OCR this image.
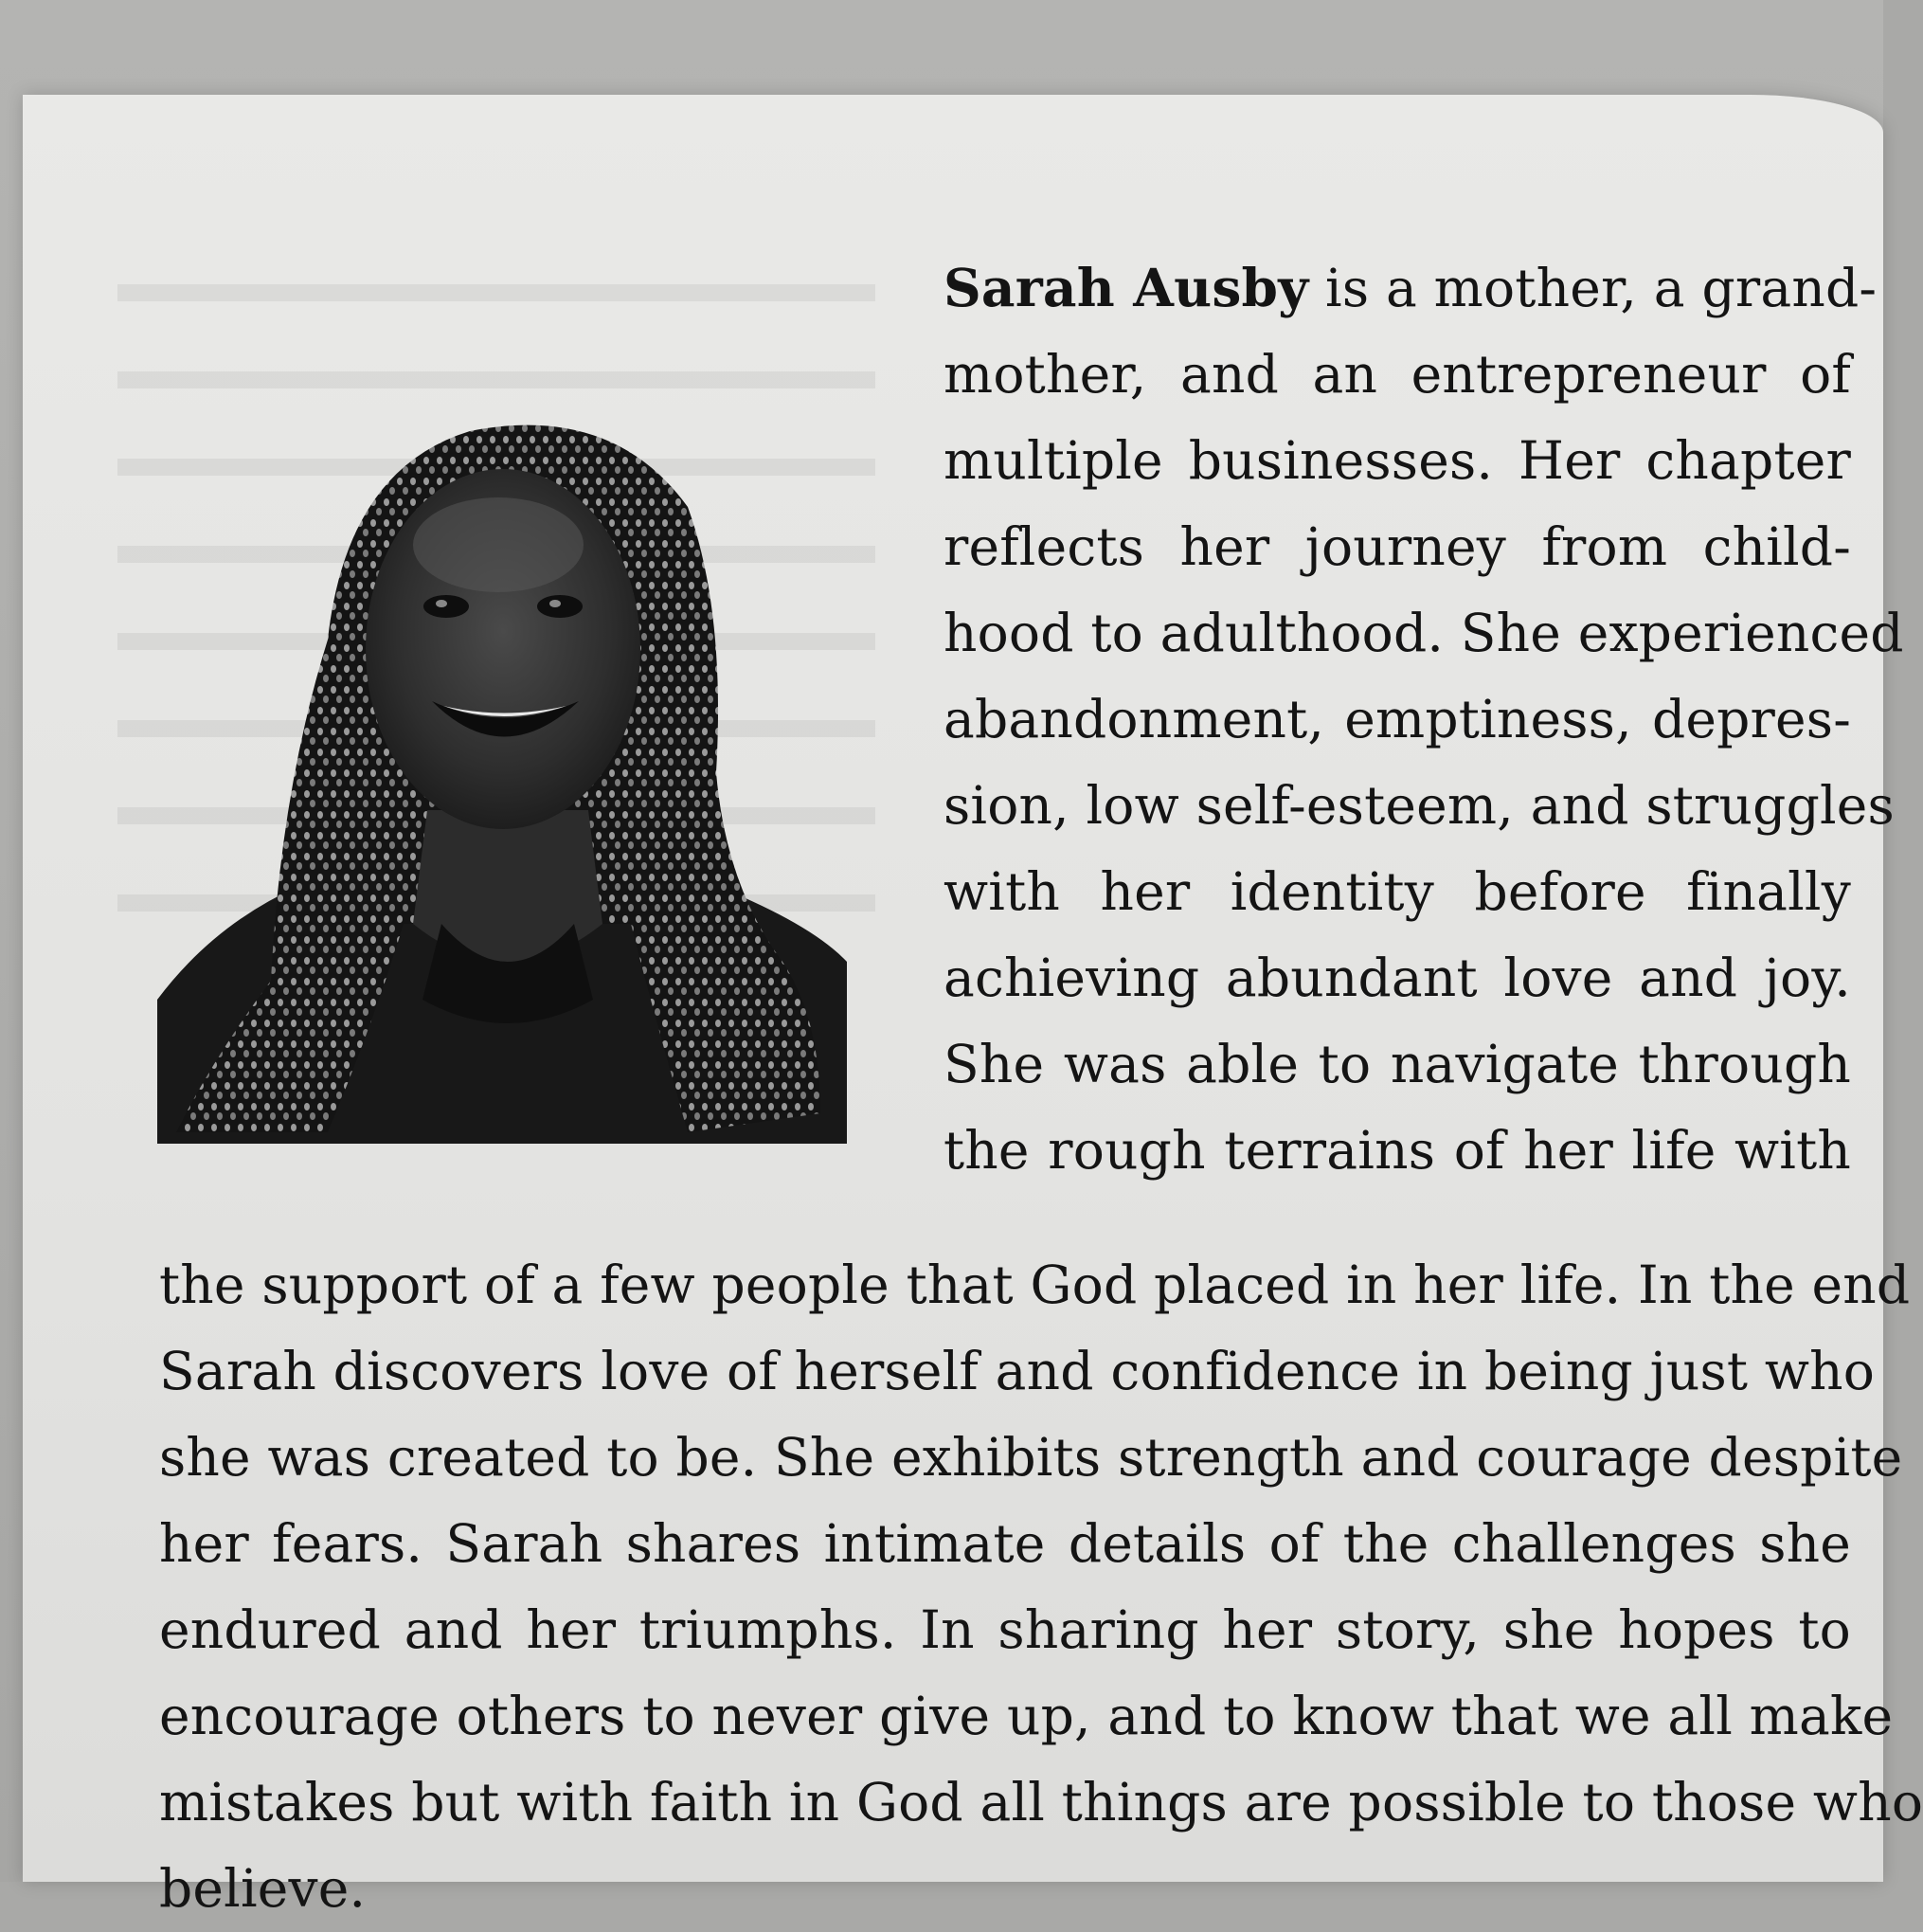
Sarah Ausby is a mother, a grand-
mother, and an entrepreneur of
multiple businesses. Her chapter
reflects her journey from child-
hood to adulthood. She experienced
abandonment, emptiness, depres-
sion, low self-esteem, and struggles
with her identity before finally
achieving abundant love and joy.
She was able to navigate through
the rough terrains of her life with
the support of a few people that God placed in her life. In the end
Sarah discovers love of herself and confidence in being just who
she was created to be. She exhibits strength and courage despite
her fears. Sarah shares intimate details of the challenges she
endured and her triumphs. In sharing her story, she hopes to
encourage others to never give up, and to know that we all make
mistakes but with faith in God all things are possible to those who
believe.
